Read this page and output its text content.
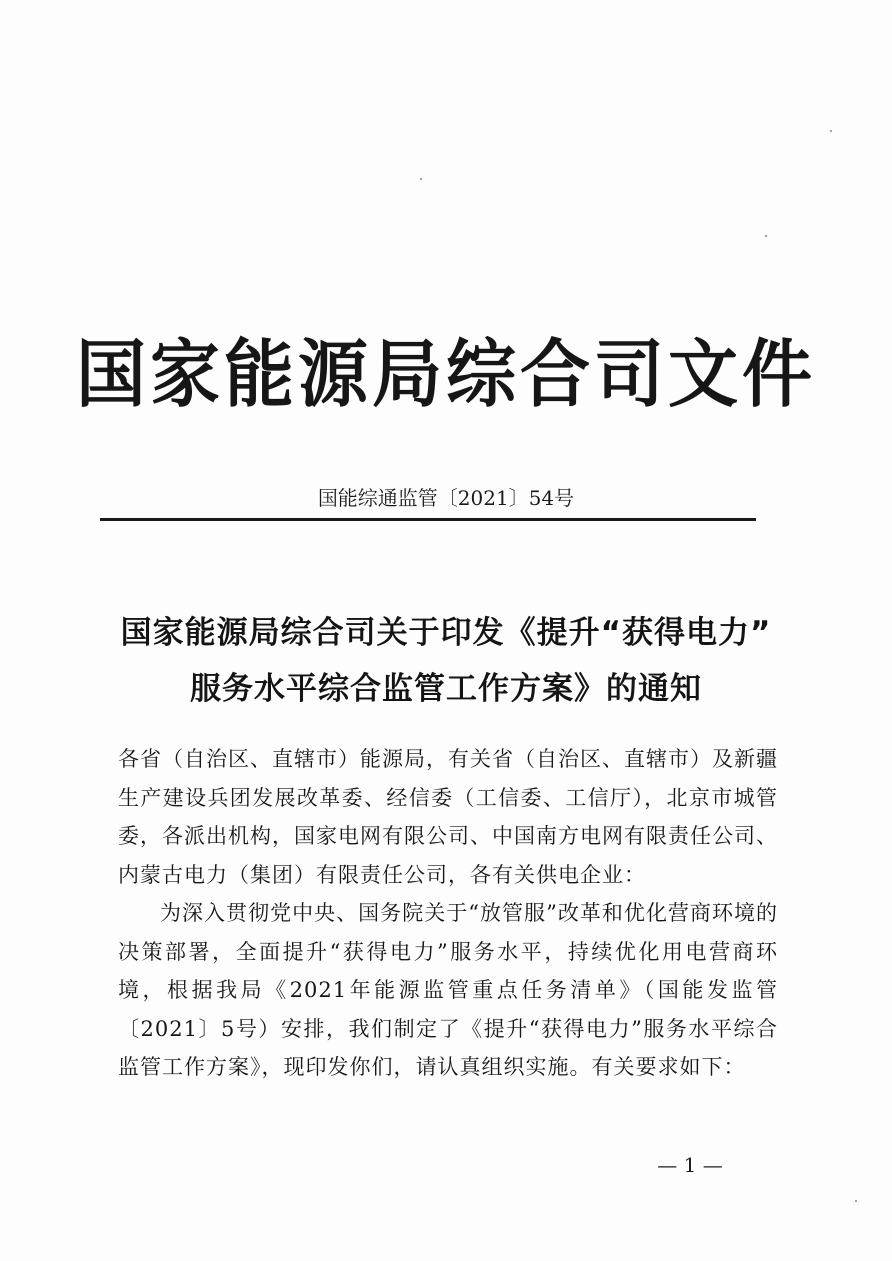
国家能源局综合司文件
国能综通监管〔2021〕54号
国家能源局综合司关于印发《提升“获得电力”
服务水平综合监管工作方案》的通知

各省（自治区、直辖市）能源局，有关省（自治区、直辖市）及新疆生产建设兵团发展改革委、经信委（工信委、工信厅），北京市城管委，各派出机构，国家电网有限公司、中国南方电网有限责任公司、内蒙古电力（集团）有限责任公司，各有关供电企业：

为深入贯彻党中央、国务院关于“放管服”改革和优化营商环境的决策部署，全面提升“获得电力”服务水平，持续优化用电营商环境，根据我局《2021年能源监管重点任务清单》（国能发监管〔2021〕5号）安排，我们制定了《提升“获得电力”服务水平综合监管工作方案》，现印发你们，请认真组织实施。有关要求如下：

— 1 —
